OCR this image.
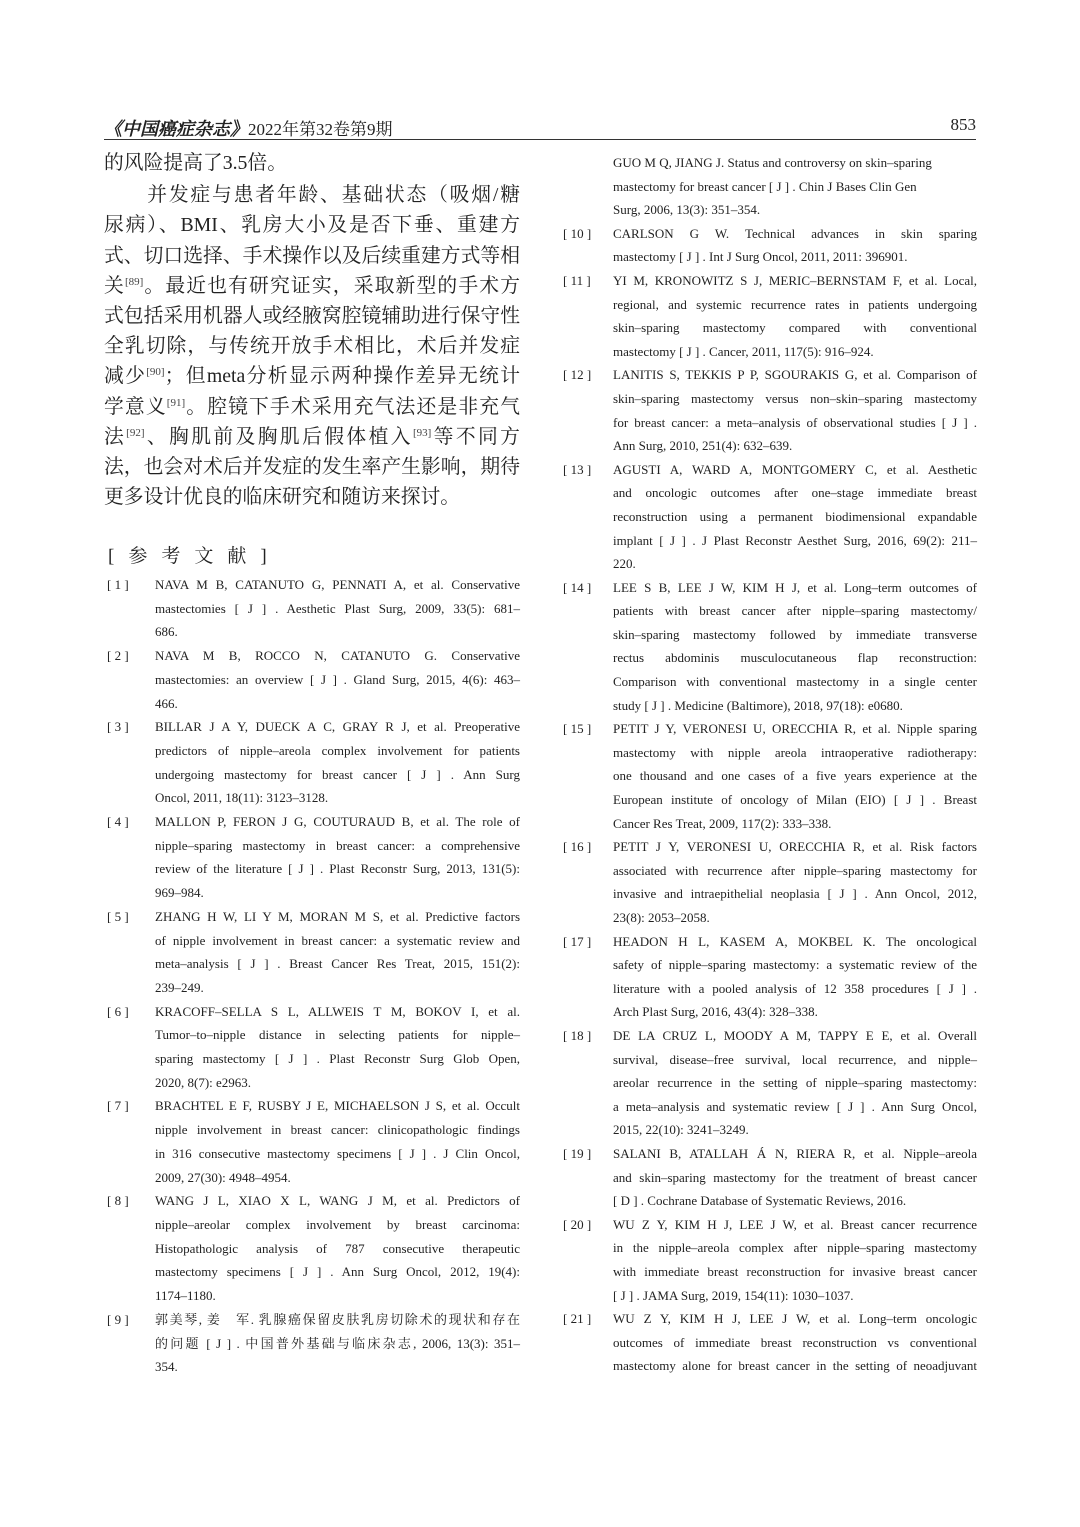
《中国癌症杂志》2022年第32卷第9期	853
的风险提高了3.5倍。
　　并发症与患者年龄、基础状态（吸烟/糖
尿病）、BMI、乳房大小及是否下垂、重建方
式、切口选择、手术操作以及后续重建方式等相
关[89]。最近也有研究证实，采取新型的手术方
式包括采用机器人或经腋窝腔镜辅助进行保守性
全乳切除，与传统开放手术相比，术后并发症
减少[90]；但meta分析显示两种操作差异无统计
学意义[91]。腔镜下手术采用充气法还是非充气
法[92]、胸肌前及胸肌后假体植入[93]等不同方
法，也会对术后并发症的发生率产生影响，期待
更多设计优良的临床研究和随访来探讨。
[参考文献]
[ 1 ]	NAVA M B, CATANUTO G, PENNATI A, et al. Conservative
mastectomies [ J ] . Aesthetic Plast Surg, 2009, 33(5): 681–
686.
[ 2 ]	NAVA M B, ROCCO N, CATANUTO G. Conservative
mastectomies: an overview [ J ] . Gland Surg, 2015, 4(6): 463–
466.
[ 3 ]	BILLAR J A Y, DUECK A C, GRAY R J, et al. Preoperative
predictors of nipple–areola complex involvement for patients
undergoing mastectomy for breast cancer [ J ] . Ann Surg
Oncol, 2011, 18(11): 3123–3128.
[ 4 ]	MALLON P, FERON J G, COUTURAUD B, et al. The role of
nipple–sparing mastectomy in breast cancer: a comprehensive
review of the literature [ J ] . Plast Reconstr Surg, 2013, 131(5):
969–984.
[ 5 ]	ZHANG H W, LI Y M, MORAN M S, et al. Predictive factors
of nipple involvement in breast cancer: a systematic review and
meta–analysis [ J ] . Breast Cancer Res Treat, 2015, 151(2):
239–249.
[ 6 ]	KRACOFF–SELLA S L, ALLWEIS T M, BOKOV I, et al.
Tumor–to–nipple distance in selecting patients for nipple–
sparing mastectomy [ J ] . Plast Reconstr Surg Glob Open,
2020, 8(7): e2963.
[ 7 ]	BRACHTEL E F, RUSBY J E, MICHAELSON J S, et al. Occult
nipple involvement in breast cancer: clinicopathologic findings
in 316 consecutive mastectomy specimens [ J ] . J Clin Oncol,
2009, 27(30): 4948–4954.
[ 8 ]	WANG J L, XIAO X L, WANG J M, et al. Predictors of
nipple–areolar complex involvement by breast carcinoma:
Histopathologic analysis of 787 consecutive therapeutic
mastectomy specimens [ J ] . Ann Surg Oncol, 2012, 19(4):
1174–1180.
[ 9 ]	郭美琴, 姜　军. 乳腺癌保留皮肤乳房切除术的现状和存在
的问题 [ J ] . 中国普外基础与临床杂志, 2006, 13(3): 351–
354.
GUO M Q, JIANG J. Status and controversy on skin–sparing
mastectomy for breast cancer [ J ] . Chin J Bases Clin Gen
Surg, 2006, 13(3): 351–354.
[ 10 ]	CARLSON G W. Technical advances in skin sparing
mastectomy [ J ] . Int J Surg Oncol, 2011, 2011: 396901.
[ 11 ]	YI M, KRONOWITZ S J, MERIC–BERNSTAM F, et al. Local,
regional, and systemic recurrence rates in patients undergoing
skin–sparing mastectomy compared with conventional
mastectomy [ J ] . Cancer, 2011, 117(5): 916–924.
[ 12 ]	LANITIS S, TEKKIS P P, SGOURAKIS G, et al. Comparison of
skin–sparing mastectomy versus non–skin–sparing mastectomy
for breast cancer: a meta–analysis of observational studies [ J ] .
Ann Surg, 2010, 251(4): 632–639.
[ 13 ]	AGUSTI A, WARD A, MONTGOMERY C, et al. Aesthetic
and oncologic outcomes after one–stage immediate breast
reconstruction using a permanent biodimensional expandable
implant [ J ] . J Plast Reconstr Aesthet Surg, 2016, 69(2): 211–
220.
[ 14 ]	LEE S B, LEE J W, KIM H J, et al. Long–term outcomes of
patients with breast cancer after nipple–sparing mastectomy/
skin–sparing mastectomy followed by immediate transverse
rectus abdominis musculocutaneous flap reconstruction:
Comparison with conventional mastectomy in a single center
study [ J ] . Medicine (Baltimore), 2018, 97(18): e0680.
[ 15 ]	PETIT J Y, VERONESI U, ORECCHIA R, et al. Nipple sparing
mastectomy with nipple areola intraoperative radiotherapy:
one thousand and one cases of a five years experience at the
European institute of oncology of Milan (EIO) [ J ] . Breast
Cancer Res Treat, 2009, 117(2): 333–338.
[ 16 ]	PETIT J Y, VERONESI U, ORECCHIA R, et al. Risk factors
associated with recurrence after nipple–sparing mastectomy for
invasive and intraepithelial neoplasia [ J ] . Ann Oncol, 2012,
23(8): 2053–2058.
[ 17 ]	HEADON H L, KASEM A, MOKBEL K. The oncological
safety of nipple–sparing mastectomy: a systematic review of the
literature with a pooled analysis of 12 358 procedures [ J ] .
Arch Plast Surg, 2016, 43(4): 328–338.
[ 18 ]	DE LA CRUZ L, MOODY A M, TAPPY E E, et al. Overall
survival, disease–free survival, local recurrence, and nipple–
areolar recurrence in the setting of nipple–sparing mastectomy:
a meta–analysis and systematic review [ J ] . Ann Surg Oncol,
2015, 22(10): 3241–3249.
[ 19 ]	SALANI B, ATALLAH Á N, RIERA R, et al. Nipple–areola
and skin–sparing mastectomy for the treatment of breast cancer
[ D ] . Cochrane Database of Systematic Reviews, 2016.
[ 20 ]	WU Z Y, KIM H J, LEE J W, et al. Breast cancer recurrence
in the nipple–areola complex after nipple–sparing mastectomy
with immediate breast reconstruction for invasive breast cancer
[ J ] . JAMA Surg, 2019, 154(11): 1030–1037.
[ 21 ]	WU Z Y, KIM H J, LEE J W, et al. Long–term oncologic
outcomes of immediate breast reconstruction vs conventional
mastectomy alone for breast cancer in the setting of neoadjuvant
